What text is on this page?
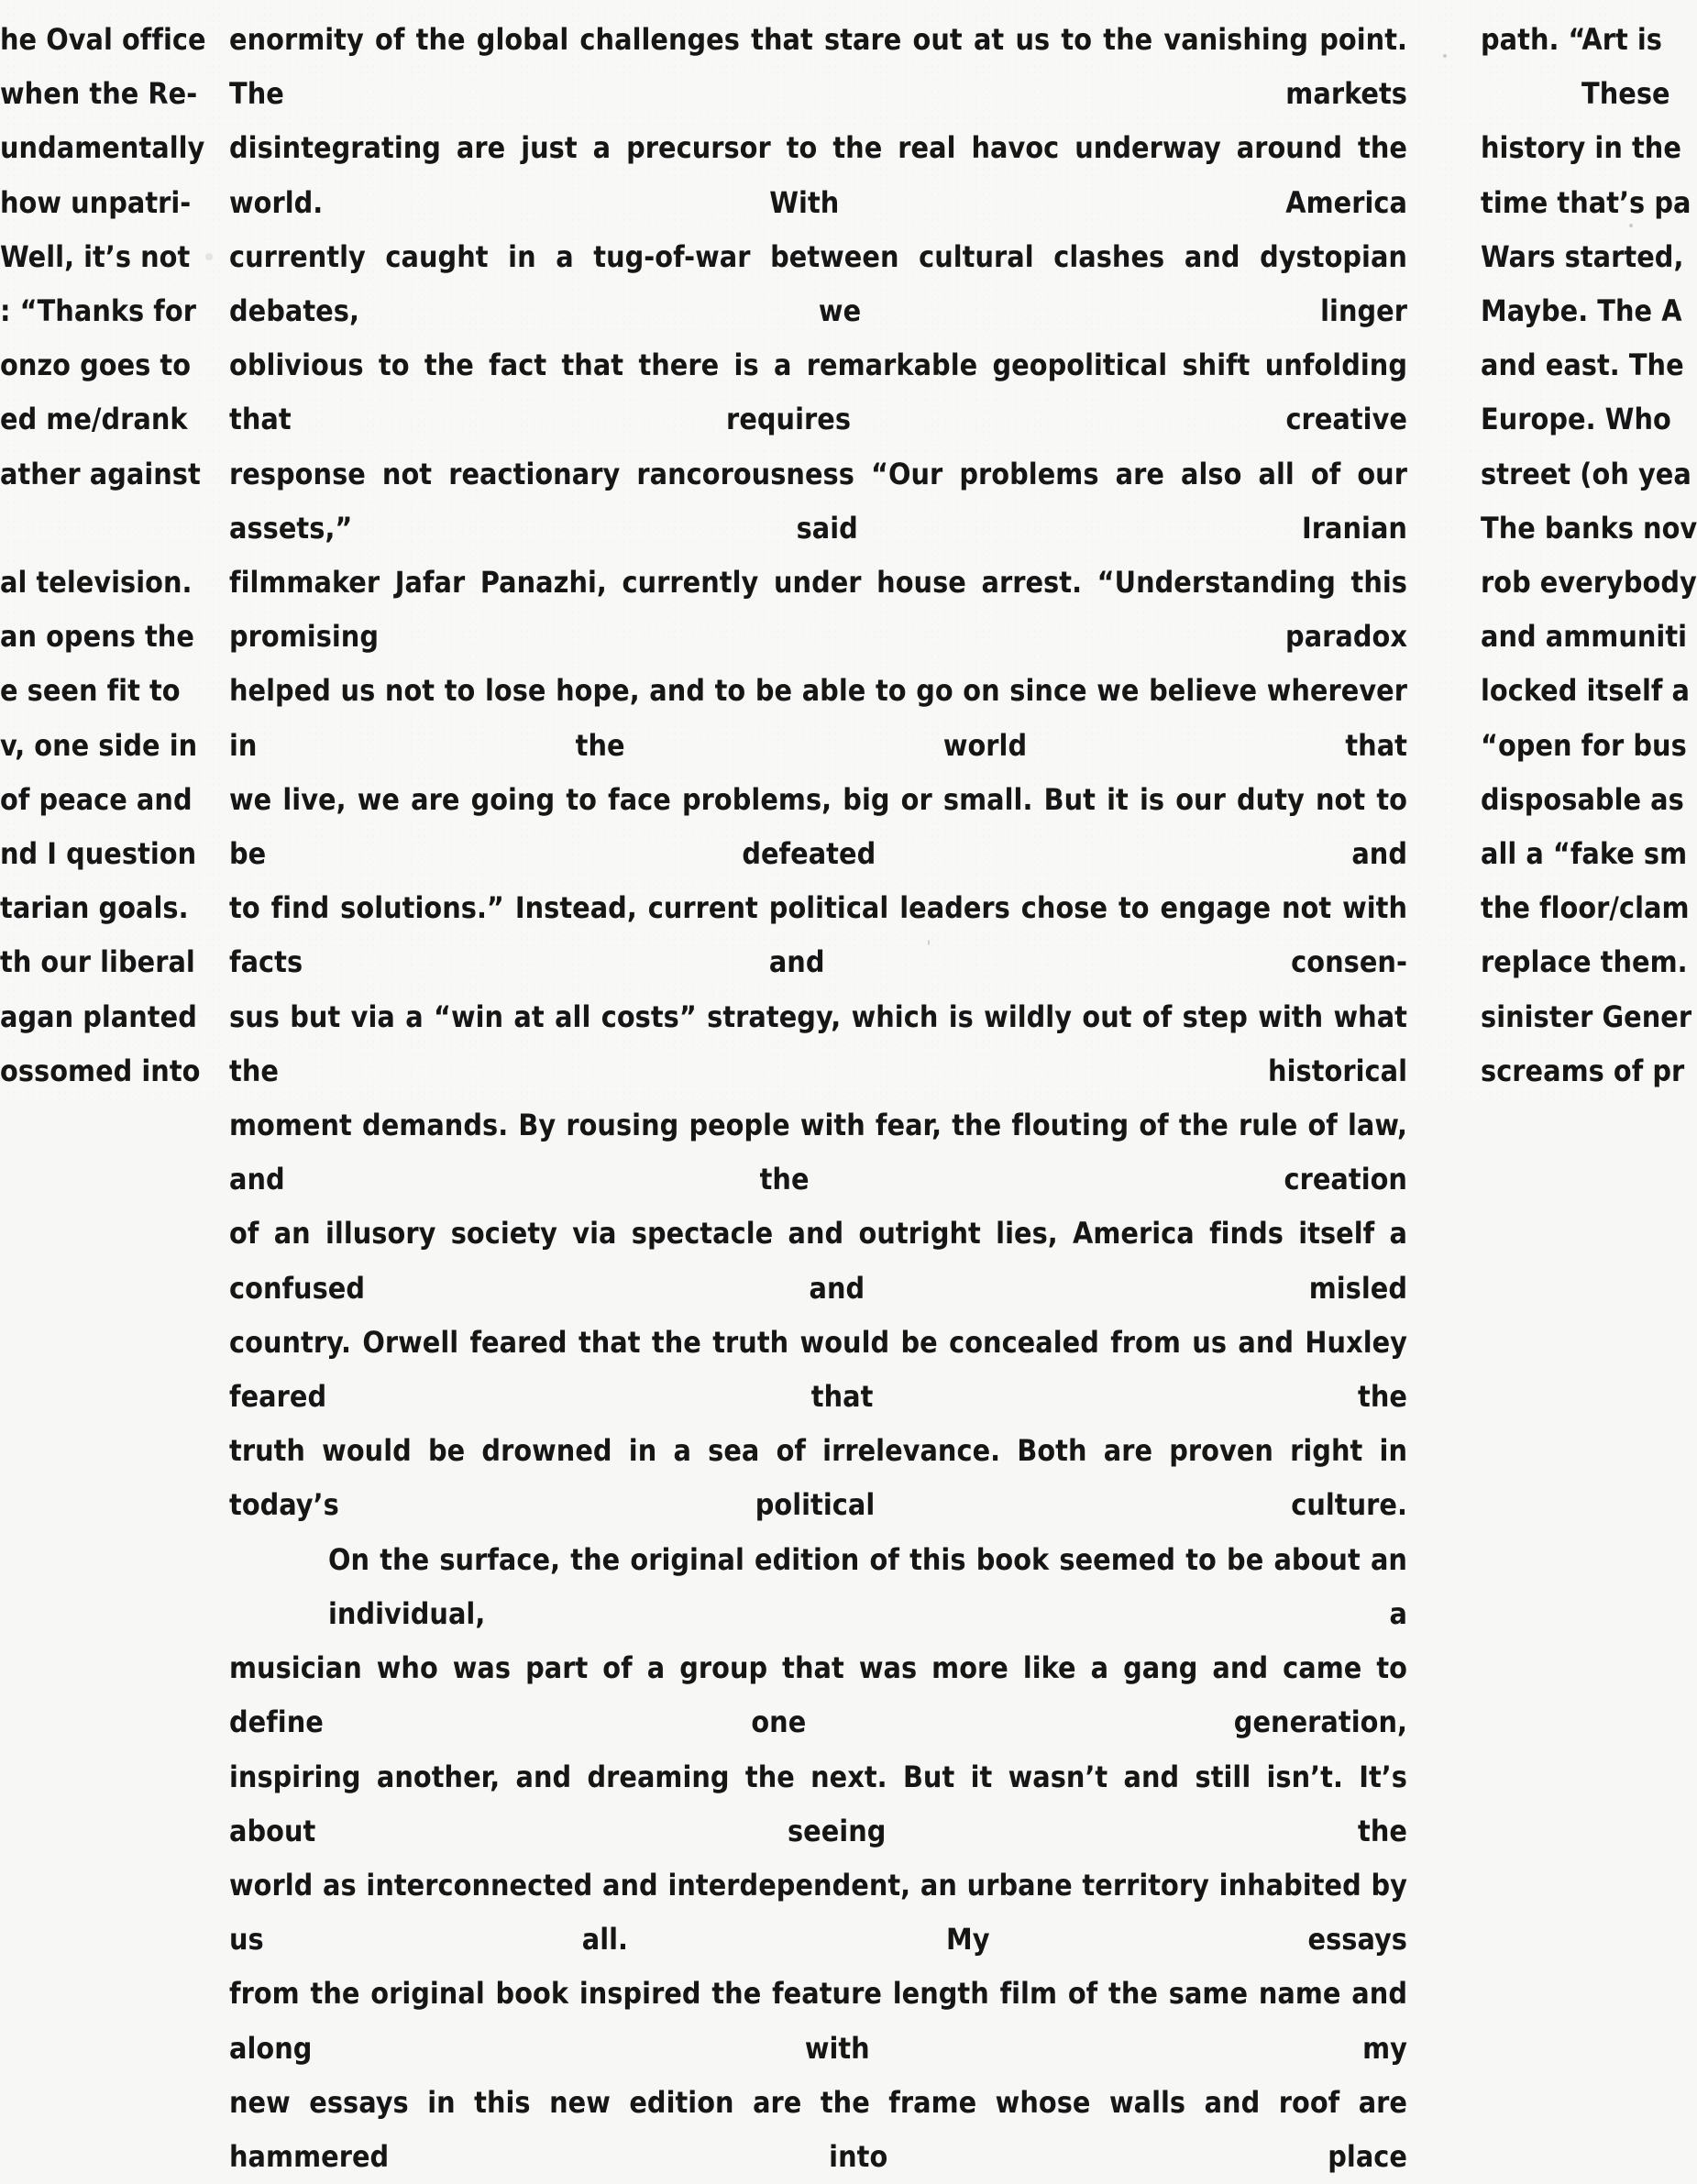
he Oval office
when the Re-
undamentally
how unpatri-
Well, it’s not
: “Thanks for
onzo goes to
ed me/drank
ather against
al television.
an opens the
e seen fit to
v, one side in
of peace and
nd I question
tarian goals.
th our liberal
agan planted
ossomed into
enormity of the global challenges that stare out at us to the vanishing point. The markets
disintegrating are just a precursor to the real havoc underway around the world. With America
currently caught in a tug-of-war between cultural clashes and dystopian debates, we linger
oblivious to the fact that there is a remarkable geopolitical shift unfolding that requires creative
response not reactionary rancorousness “Our problems are also all of our assets,” said Iranian
filmmaker Jafar Panazhi, currently under house arrest. “Understanding this promising paradox
helped us not to lose hope, and to be able to go on since we believe wherever in the world that
we live, we are going to face problems, big or small. But it is our duty not to be defeated and
to find solutions.” Instead, current political leaders chose to engage not with facts and consen-
sus but via a “win at all costs” strategy, which is wildly out of step with what the historical
moment demands. By rousing people with fear, the flouting of the rule of law, and the creation
of an illusory society via spectacle and outright lies, America finds itself a confused and misled
country. Orwell feared that the truth would be concealed from us and Huxley feared that the
truth would be drowned in a sea of irrelevance. Both are proven right in today’s political culture.
On the surface, the original edition of this book seemed to be about an individual, a
musician who was part of a group that was more like a gang and came to define one generation,
inspiring another, and dreaming the next. But it wasn’t and still isn’t. It’s about seeing the
world as interconnected and interdependent, an urbane territory inhabited by us all. My essays
from the original book inspired the feature length film of the same name and along with my
new essays in this new edition are the frame whose walls and roof are hammered into place
path. “Art is
These
history in the
time that’s pa
Wars started,
Maybe. The A
and east. The
Europe. Who
street (oh yea
The banks nov
rob everybody
and ammuniti
locked itself a
“open for bus
disposable as
all a “fake sm
the floor/clam
replace them.
sinister Gener
screams of pr
